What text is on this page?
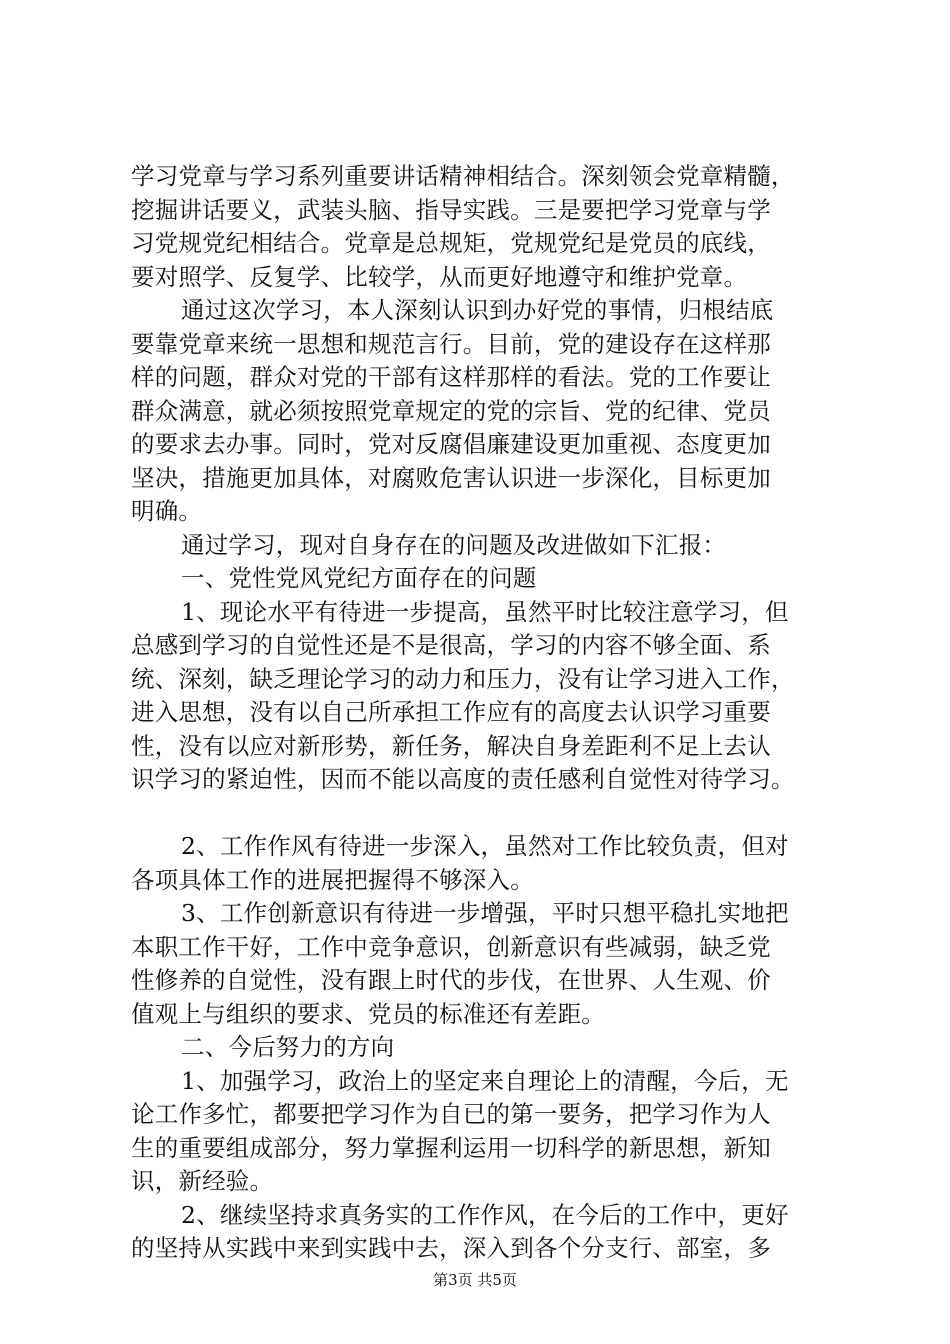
学习党章与学习系列重要讲话精神相结合。深刻领会党章精髓，
挖掘讲话要义，武装头脑、指导实践。三是要把学习党章与学
习党规党纪相结合。党章是总规矩，党规党纪是党员的底线，
要对照学、反复学、比较学，从而更好地遵守和维护党章。
通过这次学习，本人深刻认识到办好党的事情，归根结底
要靠党章来统一思想和规范言行。目前，党的建设存在这样那
样的问题，群众对党的干部有这样那样的看法。党的工作要让
群众满意，就必须按照党章规定的党的宗旨、党的纪律、党员
的要求去办事。同时，党对反腐倡廉建设更加重视、态度更加
坚决，措施更加具体，对腐败危害认识进一步深化，目标更加
明确。
通过学习，现对自身存在的问题及改进做如下汇报：
一、党性党风党纪方面存在的问题
1、现论水平有待进一步提高，虽然平时比较注意学习，但
总感到学习的自觉性还是不是很高，学习的内容不够全面、系
统、深刻，缺乏理论学习的动力和压力，没有让学习进入工作，
进入思想，没有以自己所承担工作应有的高度去认识学习重要
性，没有以应对新形势，新任务，解决自身差距利不足上去认
识学习的紧迫性，因而不能以高度的责任感利自觉性对待学习。
2、工作作风有待进一步深入，虽然对工作比较负责，但对
各项具体工作的进展把握得不够深入。
3、工作创新意识有待进一步增强，平时只想平稳扎实地把
本职工作干好，工作中竞争意识，创新意识有些减弱，缺乏党
性修养的自觉性，没有跟上时代的步伐，在世界、人生观、价
值观上与组织的要求、党员的标准还有差距。
二、今后努力的方向
1、加强学习，政治上的坚定来自理论上的清醒，今后，无
论工作多忙，都要把学习作为自已的第一要务，把学习作为人
生的重要组成部分，努力掌握利运用一切科学的新思想，新知
识，新经验。
2、继续坚持求真务实的工作作风，在今后的工作中，更好
的坚持从实践中来到实践中去，深入到各个分支行、部室，多
第3页 共5页
